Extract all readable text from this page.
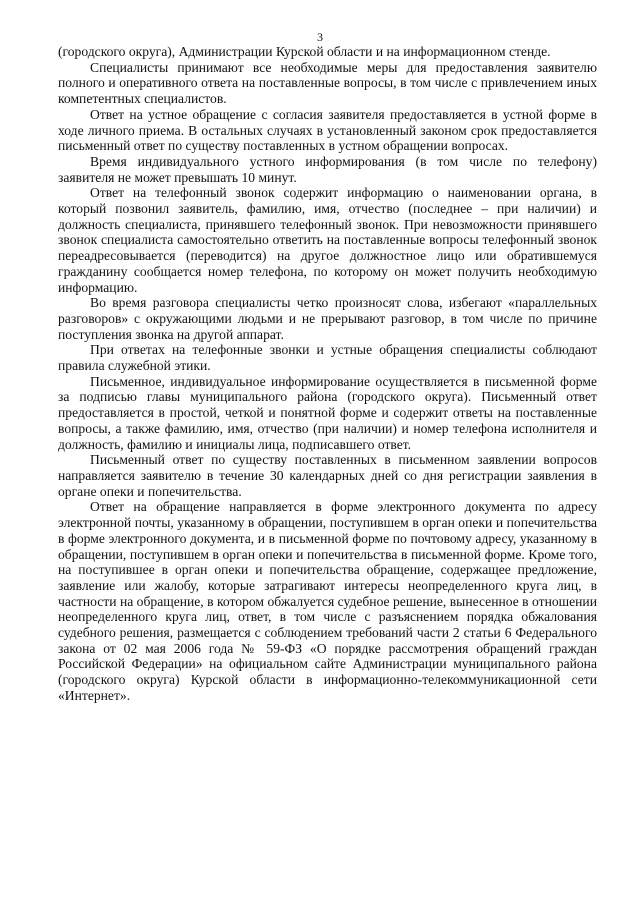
3

(городского округа), Администрации Курской области и на информационном стенде.

Специалисты принимают все необходимые меры для предоставления заявителю полного и оперативного ответа на поставленные вопросы, в том числе с привлечением иных компетентных специалистов.

Ответ на устное обращение с согласия заявителя предоставляется в устной форме в ходе личного приема. В остальных случаях в установленный законом срок предоставляется письменный ответ по существу поставленных в устном обращении вопросах.

Время индивидуального устного информирования (в том числе по телефону) заявителя не может превышать 10 минут.

Ответ на телефонный звонок содержит информацию о наименовании органа, в который позвонил заявитель, фамилию, имя, отчество (последнее – при наличии) и должность специалиста, принявшего телефонный звонок. При невозможности принявшего звонок специалиста самостоятельно ответить на поставленные вопросы телефонный звонок переадресовывается (переводится) на другое должностное лицо или обратившемуся гражданину сообщается номер телефона, по которому он может получить необходимую информацию.

Во время разговора специалисты четко произносят слова, избегают «параллельных разговоров» с окружающими людьми и не прерывают разговор, в том числе по причине поступления звонка на другой аппарат.

При ответах на телефонные звонки и устные обращения специалисты соблюдают правила служебной этики.

Письменное, индивидуальное информирование осуществляется в письменной форме за подписью главы муниципального района (городского округа). Письменный ответ предоставляется в простой, четкой и понятной форме и содержит ответы на поставленные вопросы, а также фамилию, имя, отчество (при наличии) и номер телефона исполнителя и должность, фамилию и инициалы лица, подписавшего ответ.

Письменный ответ по существу поставленных в письменном заявлении вопросов направляется заявителю в течение 30 календарных дней со дня регистрации заявления в органе опеки и попечительства.

Ответ на обращение направляется в форме электронного документа по адресу электронной почты, указанному в обращении, поступившем в орган опеки и попечительства в форме электронного документа, и в письменной форме по почтовому адресу, указанному в обращении, поступившем в орган опеки и попечительства в письменной форме. Кроме того, на поступившее в орган опеки и попечительства обращение, содержащее предложение, заявление или жалобу, которые затрагивают интересы неопределенного круга лиц, в частности на обращение, в котором обжалуется судебное решение, вынесенное в отношении неопределенного круга лиц, ответ, в том числе с разъяснением порядка обжалования судебного решения, размещается с соблюдением требований части 2 статьи 6 Федерального закона от 02 мая 2006 года № 59-ФЗ «О порядке рассмотрения обращений граждан Российской Федерации» на официальном сайте Администрации муниципального района (городского округа) Курской области в информационно-телекоммуникационной сети «Интернет».
